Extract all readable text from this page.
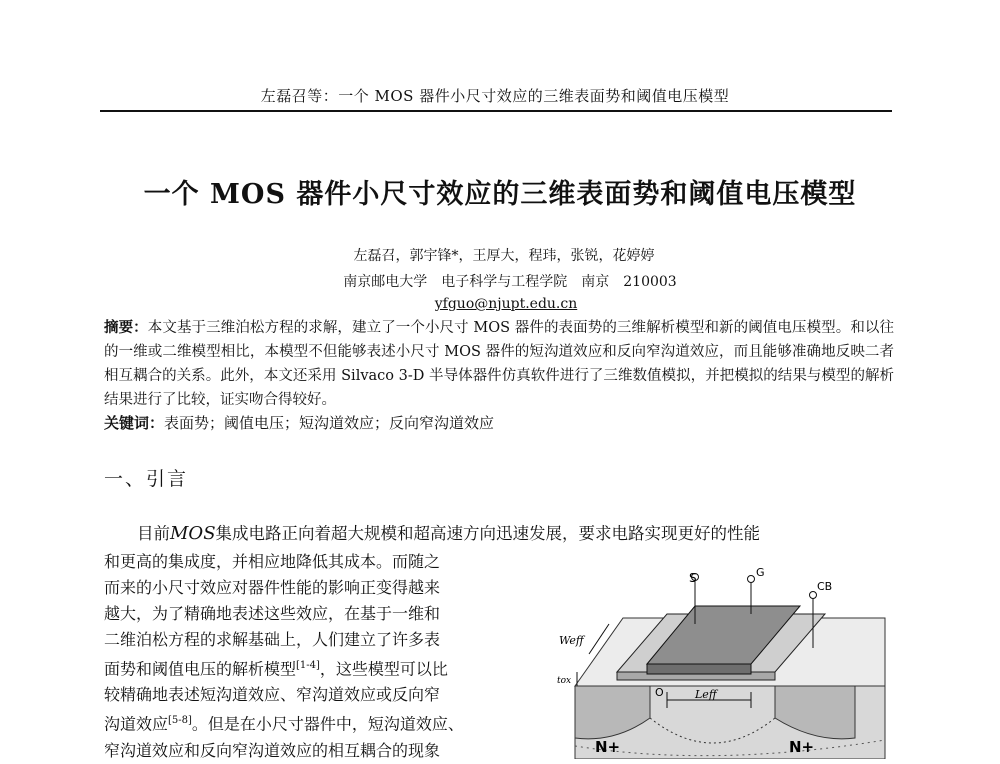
左磊召等：一个 MOS 器件小尺寸效应的三维表面势和阈值电压模型
一个 MOS 器件小尺寸效应的三维表面势和阈值电压模型
左磊召，郭宇锋*，王厚大，程玮，张锐，花婷婷
南京邮电大学　电子科学与工程学院　南京　210003
yfguo@njupt.edu.cn
摘要：本文基于三维泊松方程的求解，建立了一个小尺寸 MOS 器件的表面势的三维解析模型和新的阈值电压模型。和以往的一维或二维模型相比，本模型不但能够表述小尺寸 MOS 器件的短沟道效应和反向窄沟道效应，而且能够准确地反映二者相互耦合的关系。此外，本文还采用 Silvaco 3-D 半导体器件仿真软件进行了三维数值模拟，并把模拟的结果与模型的解析结果进行了比较，证实吻合得较好。
关键词：表面势；阈值电压；短沟道效应；反向窄沟道效应
一、引言
目前MOS集成电路正向着超大规模和超高速方向迅速发展，要求电路实现更好的性能
和更高的集成度，并相应地降低其成本。而随之
而来的小尺寸效应对器件性能的影响正变得越来
越大，为了精确地表述这些效应，在基于一维和
二维泊松方程的求解基础上，人们建立了许多表
面势和阈值电压的解析模型[1-4]，这些模型可以比
较精确地表述短沟道效应、窄沟道效应或反向窄
沟道效应[5-8]。但是在小尺寸器件中，短沟道效应、
窄沟道效应和反向窄沟道效应的相互耦合的现象
S	G
CB
Weff
tox
O	Leff
N+	N+
